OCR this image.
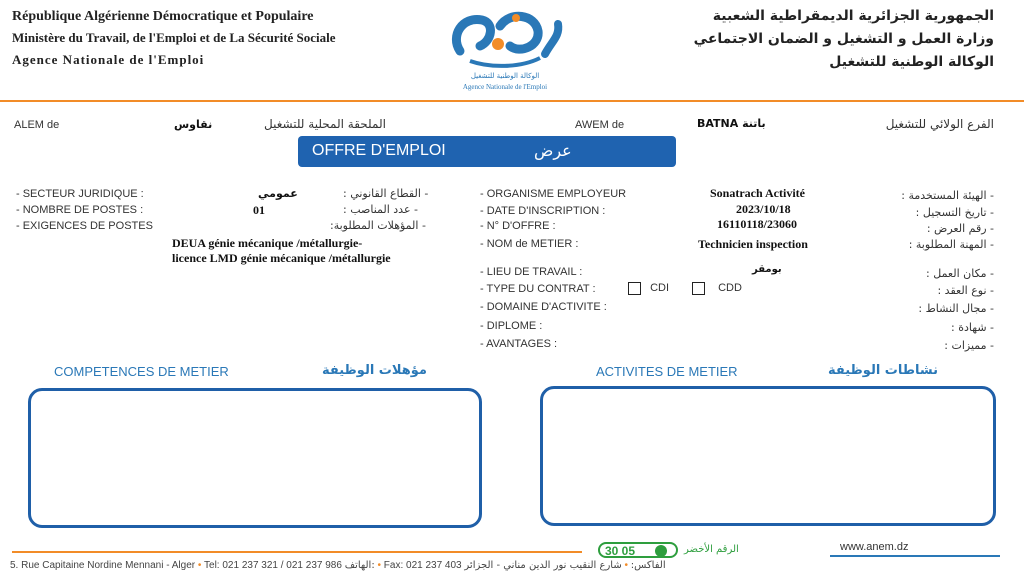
République Algérienne Démocratique et Populaire
Ministère du Travail, de l'Emploi et de La Sécurité Sociale
Agence Nationale de l'Emploi
الوكالة الوطنية للتشغيل
Agence Nationale de l'Emploi
الجمهورية الجزائرية الديمقراطية الشعبية
وزارة العمل و التشغيل و الضمان الاجتماعي
الوكالة الوطنية للتشغيل
ALEM de	نقاوس	الملحقة المحلية للتشغيل	AWEM de	BATNA باتنة	الفرع الولائي للتشغيل
OFFRE D'EMPLOI	عرض
- SECTEUR JURIDIQUE :	عمومي	- القطاع القانوني :
- NOMBRE DE POSTES :	01	- عدد المناصب :
- EXIGENCES DE POSTES	- المؤهلات المطلوبة:
DEUA génie mécanique /métallurgie-
licence LMD génie mécanique /métallurgie
- ORGANISME EMPLOYEUR	Sonatrach Activité	- الهيئة المستخدمة :
- DATE D'INSCRIPTION :	2023/10/18	- تاريخ التسجيل :
- N° D'OFFRE :	16110118/23060	- رقم العرض :
- NOM de METIER :	Technicien inspection	- المهنة المطلوبة :
- LIEU DE TRAVAIL :	بومقر	- مكان العمل :
- TYPE DU CONTRAT :	CDI	CDD	- نوع العقد :
- DOMAINE D'ACTIVITE :	- مجال النشاط :
- DIPLOME :	- شهادة :
- AVANTAGES :	- مميزات :
COMPETENCES DE METIER	مؤهلات الوظيفة	ACTIVITES DE METIER	نشاطات الوظيفة
30 05	الرقم الأخضر	www.anem.dz
5. Rue Capitaine Nordine Mennani - Alger • Tel: 021 237 321 / 021 237 986 الهاتف: • Fax: 021 237 403	الفاكس: • شارع النقيب نور الدين مناني - الجزائر
